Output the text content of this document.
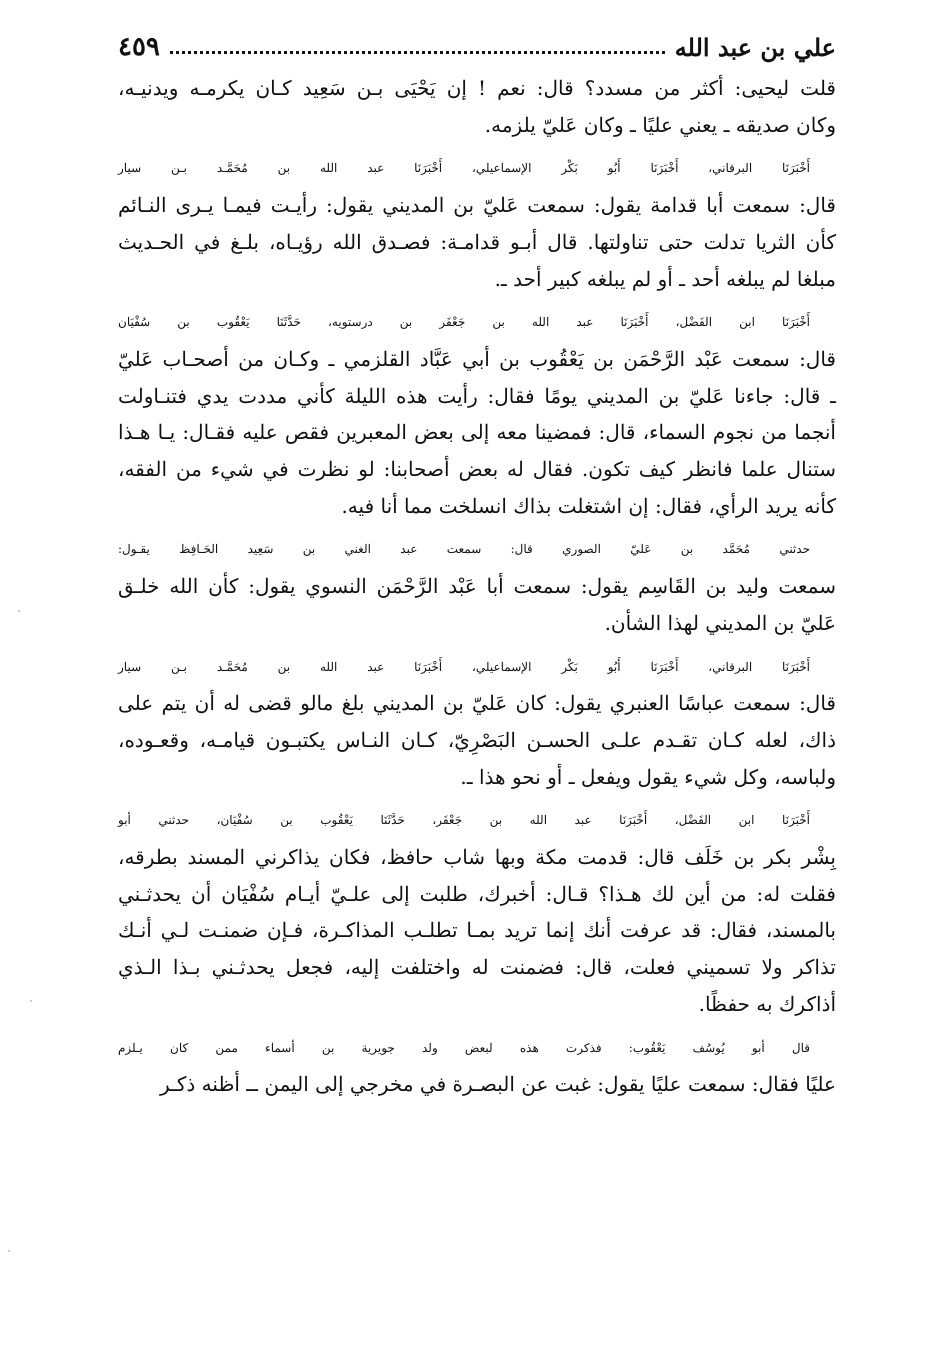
علي بن عبد الله
٤٥٩
قلت ليحيى: أكثر من مسدد؟ قال: نعم ! إن يَحْيَى بـن سَعِيد كـان يكرمـه ويدنيـه،
وكان صديقه ـ يعني عليًا ـ وكان عَليّ يلزمه.
أَخْبَرَنَا البرقاني، أَخْبَرَنَا أَبُو بَكْر الإسماعيلي، أَخْبَرَنَا عبد الله بن مُحَمَّـد بـن سيار
قال: سمعت أبا قدامة يقول: سمعت عَليّ بن المديني يقول: رأيـت فيمـا يـرى النـائم
كأن الثريا تدلت حتى تناولتها. قال أبـو قدامـة: فصـدق الله رؤيـاه، بلـغ في الحـديث
مبلغا لم يبلغه أحد ـ أو لم يبلغه كبير أحد ـ.
أَخْبَرَنَا ابن الفَضْل، أَخْبَرَنَا عبد الله بن جَعْفَر بن درستويه، حَدَّثَنَا يَعْقُوب بن سُفْيَان
قال: سمعت عَبْد الرَّحْمَن بن يَعْقُوب بن أبي عَبَّاد القلزمي ـ وكـان من أصحـاب عَليّ
ـ قال: جاءنا عَليّ بن المديني يومًا فقال: رأيت هذه الليلة كأني مددت يدي فتنـاولت
أنجما من نجوم السماء، قال: فمضينا معه إلى بعض المعبرين فقص عليه فقـال: يـا هـذا
ستنال علما فانظر كيف تكون. فقال له بعض أصحابنا: لو نظرت في شيء من الفقه،
كأنه يريد الرأي، فقال: إن اشتغلت بذاك انسلخت مما أنا فيه.
حدثني مُحَمَّد بن عَليّ الصوري قال: سمعت عبد الغني بن سَعِيد الحَـافِظ يقـول:
سمعت وليد بن القَاسِم يقول: سمعت أبا عَبْد الرَّحْمَن النسوي يقول: كأن الله خلـق
عَليّ بن المديني لهذا الشأن.
أَخْبَرَنَا البرقاني، أَخْبَرَنَا أَبُو بَكْر الإسماعيلي، أَخْبَرَنَا عبد الله بن مُحَمَّـد بـن سيار
قال: سمعت عباسًا العنبري يقول: كان عَليّ بن المديني بلغ مالو قضى له أن يتم على
ذاك، لعله كـان تقـدم علـى الحسـن البَصْرِيّ، كـان النـاس يكتبـون قيامـه، وقعـوده،
ولباسه، وكل شيء يقول ويفعل ـ أو نحو هذا ـ.
أَخْبَرَنَا ابن الفَضْل، أَخْبَرَنَا عبد الله بن جَعْفَر، حَدَّثَنَا يَعْقُوب بن سُفْيَان، حدثني أبو
بِشْر بكر بن خَلَف قال: قدمت مكة وبها شاب حافظ، فكان يذاكرني المسند بطرقه،
فقلت له: من أين لك هـذا؟ قـال: أخبرك، طلبت إلى علـيّ أيـام سُفْيَان أن يحدثـني
بالمسند، فقال: قد عرفت أنك إنما تريد بمـا تطلـب المذاكـرة، فـإن ضمنـت لـي أنـك
تذاكر ولا تسميني فعلت، قال: فضمنت له واختلفت إليه، فجعل يحدثـني بـذا الـذي
أذاكرك به حفظًا.
قال أبو يُوسُف يَعْقُوب: فذكرت هذه لبعض ولد جويرية بن أسماء ممن كان يـلزم
عليًا فقال: سمعت عليًا يقول: غبت عن البصـرة في مخرجي إلى اليمن ــ أظنه ذكـر
